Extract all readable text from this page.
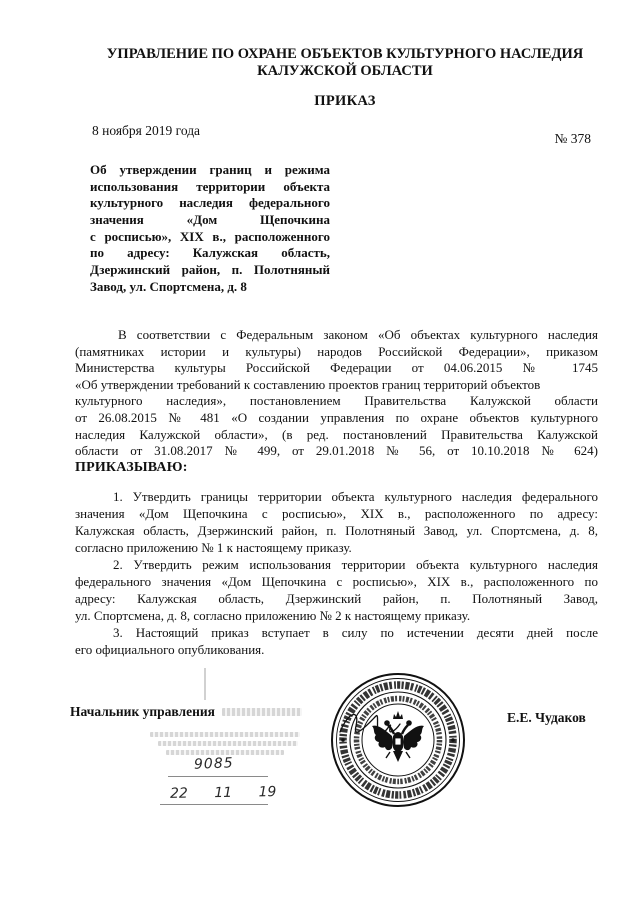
УПРАВЛЕНИЕ ПО ОХРАНЕ ОБЪЕКТОВ КУЛЬТУРНОГО НАСЛЕДИЯ
КАЛУЖСКОЙ ОБЛАСТИ
ПРИКАЗ
8 ноября 2019 года
№ 378
Об утверждении границ и режима
использования территории объекта
культурного наследия федерального
значения «Дом Щепочкина
с росписью», XIX в., расположенного
по адресу: Калужская область,
Дзержинский район, п. Полотняный
Завод, ул. Спортсмена, д. 8
В соответствии с Федеральным законом «Об объектах культурного наследия
(памятниках истории и культуры) народов Российской Федерации», приказом
Министерства культуры Российской Федерации от 04.06.2015 № 1745
«Об утверждении требований к составлению проектов границ территорий объектов
культурного наследия», постановлением Правительства Калужской области
от 26.08.2015 № 481 «О создании управления по охране объектов культурного
наследия Калужской области», (в ред. постановлений Правительства Калужской
области от 31.08.2017 № 499, от 29.01.2018 № 56, от 10.10.2018 № 624)
ПРИКАЗЫВАЮ:
1. Утвердить границы территории объекта культурного наследия федерального
значения «Дом Щепочкина с росписью», XIX в., расположенного по адресу:
Калужская область, Дзержинский район, п. Полотняный Завод, ул. Спортсмена, д. 8,
согласно приложению № 1 к настоящему приказу.
2. Утвердить режим использования территории объекта культурного наследия
федерального значения «Дом Щепочкина с росписью», XIX в., расположенного по
адресу: Калужская область, Дзержинский район, п. Полотняный Завод,
ул. Спортсмена, д. 8, согласно приложению № 2 к настоящему приказу.
3. Настоящий приказ вступает в силу по истечении десяти дней после
его официального опубликования.
9085
22 11 19
Начальник управления	Е.Е. Чудаков
